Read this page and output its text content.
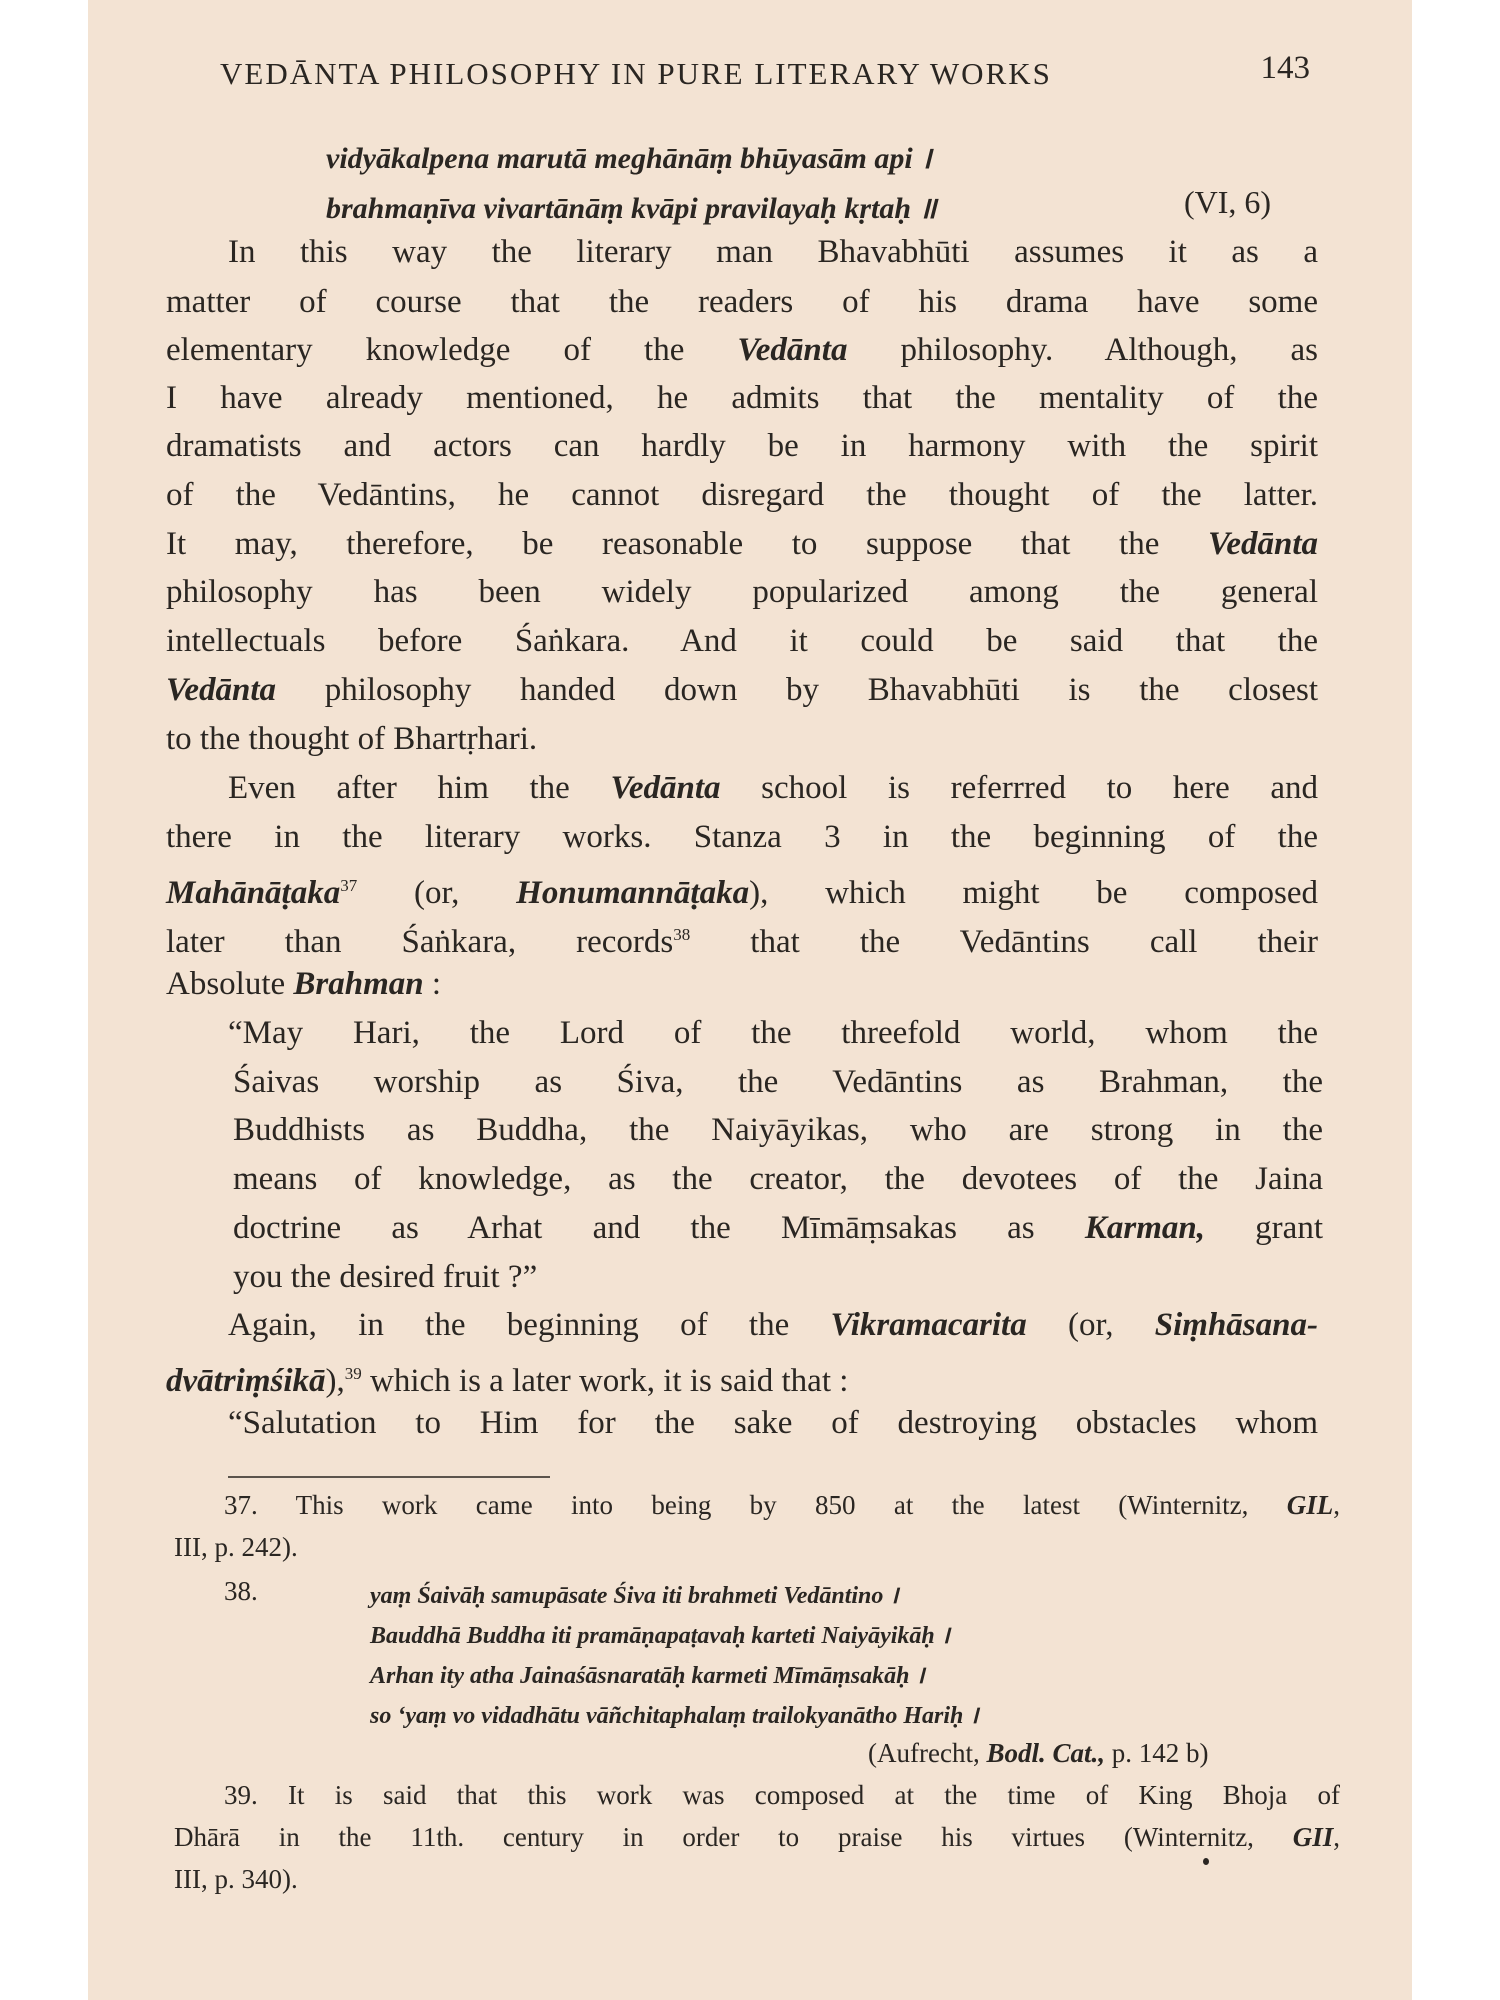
VEDĀNTA PHILOSOPHY IN PURE LITERARY WORKS	143
vidyākalpena marutā meghānāṃ bhūyasām api ।
brahmaṇīva vivartānāṃ kvāpi pravilayaḥ kṛtaḥ ॥	(VI, 6)
In this way the literary man Bhavabhūti assumes it as a
matter of course that the readers of his drama have some
elementary knowledge of the Vedānta philosophy. Although, as
I have already mentioned, he admits that the mentality of the
dramatists and actors can hardly be in harmony with the spirit
of the Vedāntins, he cannot disregard the thought of the latter.
It may, therefore, be reasonable to suppose that the Vedānta
philosophy has been widely popularized among the general
intellectuals before Śaṅkara. And it could be said that the
Vedānta philosophy handed down by Bhavabhūti is the closest
to the thought of Bhartṛhari.
Even after him the Vedānta school is referrred to here and
there in the literary works. Stanza 3 in the beginning of the
Mahānāṭaka$^{37}$ (or, Honumannāṭaka), which might be composed
later than Śaṅkara, records$^{38}$ that the Vedāntins call their
Absolute Brahman :
“May Hari, the Lord of the threefold world, whom the
Śaivas worship as Śiva, the Vedāntins as Brahman, the
Buddhists as Buddha, the Naiyāyikas, who are strong in the
means of knowledge, as the creator, the devotees of the Jaina
doctrine as Arhat and the Mīmāṃsakas as Karman, grant
you the desired fruit ?”
Again, in the beginning of the Vikramacarita (or, Siṃhāsana-
dvātriṃśikā),$^{39}$ which is a later work, it is said that :
“Salutation to Him for the sake of destroying obstacles whom
37. This work came into being by 850 at the latest (Winternitz, GIL,
III, p. 242).
38.	yaṃ Śaivāḥ samupāsate Śiva iti brahmeti Vedāntino ।
Bauddhā Buddha iti pramāṇapaṭavaḥ karteti Naiyāyikāḥ ।
Arhan ity atha Jainaśāsnaratāḥ karmeti Mīmāṃsakāḥ ।
so ‘yaṃ vo vidadhātu vāñchitaphalaṃ trailokyanātho Hariḥ ।
(Aufrecht, Bodl. Cat., p. 142 b)
39. It is said that this work was composed at the time of King Bhoja of
Dhārā in the 11th. century in order to praise his virtues (Winternitz, GII,
III, p. 340).
